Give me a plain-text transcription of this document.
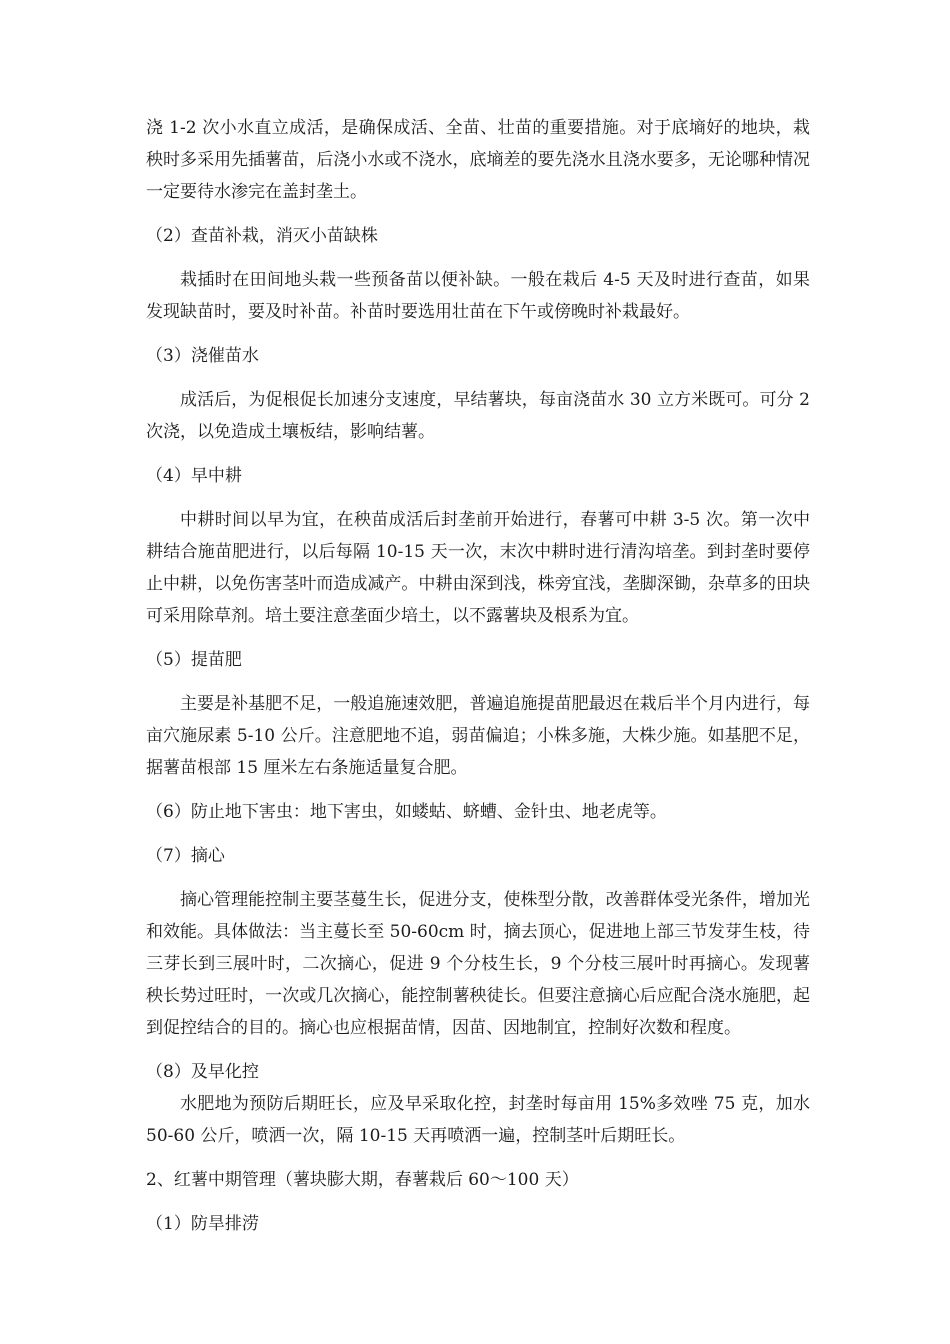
浇 1-2 次小水直立成活，是确保成活、全苗、壮苗的重要措施。对于底墒好的地块，栽秧时多采用先插薯苗，后浇小水或不浇水，底墒差的要先浇水且浇水要多，无论哪种情况一定要待水渗完在盖封垄土。

（2）查苗补栽，消灭小苗缺株

栽插时在田间地头栽一些预备苗以便补缺。一般在栽后 4-5 天及时进行查苗，如果发现缺苗时，要及时补苗。补苗时要选用壮苗在下午或傍晚时补栽最好。

（3）浇催苗水

成活后，为促根促长加速分支速度，早结薯块，每亩浇苗水 30 立方米既可。可分 2 次浇，以免造成土壤板结，影响结薯。

（4）早中耕

中耕时间以早为宜，在秧苗成活后封垄前开始进行，春薯可中耕 3-5 次。第一次中耕结合施苗肥进行，以后每隔 10-15 天一次，末次中耕时进行清沟培垄。到封垄时要停止中耕，以免伤害茎叶而造成减产。中耕由深到浅，株旁宜浅，垄脚深锄，杂草多的田块可采用除草剂。培土要注意垄面少培土，以不露薯块及根系为宜。

（5）提苗肥

主要是补基肥不足，一般追施速效肥，普遍追施提苗肥最迟在栽后半个月内进行，每亩穴施尿素 5-10 公斤。注意肥地不追，弱苗偏追；小株多施，大株少施。如基肥不足，据薯苗根部 15 厘米左右条施适量复合肥。

（6）防止地下害虫：地下害虫，如蝼蛄、蛴螬、金针虫、地老虎等。

（7）摘心

摘心管理能控制主要茎蔓生长，促进分支，使株型分散，改善群体受光条件，增加光和效能。具体做法：当主蔓长至 50-60cm 时，摘去顶心，促进地上部三节发芽生枝，待三芽长到三展叶时，二次摘心，促进 9 个分枝生长，9 个分枝三展叶时再摘心。发现薯秧长势过旺时，一次或几次摘心，能控制薯秧徒长。但要注意摘心后应配合浇水施肥，起到促控结合的目的。摘心也应根据苗情，因苗、因地制宜，控制好次数和程度。

（8）及早化控

水肥地为预防后期旺长，应及早采取化控，封垄时每亩用 15%多效唑 75 克，加水 50-60 公斤，喷洒一次，隔 10-15 天再喷洒一遍，控制茎叶后期旺长。

2、红薯中期管理（薯块膨大期，春薯栽后 60～100 天）

（1）防旱排涝
